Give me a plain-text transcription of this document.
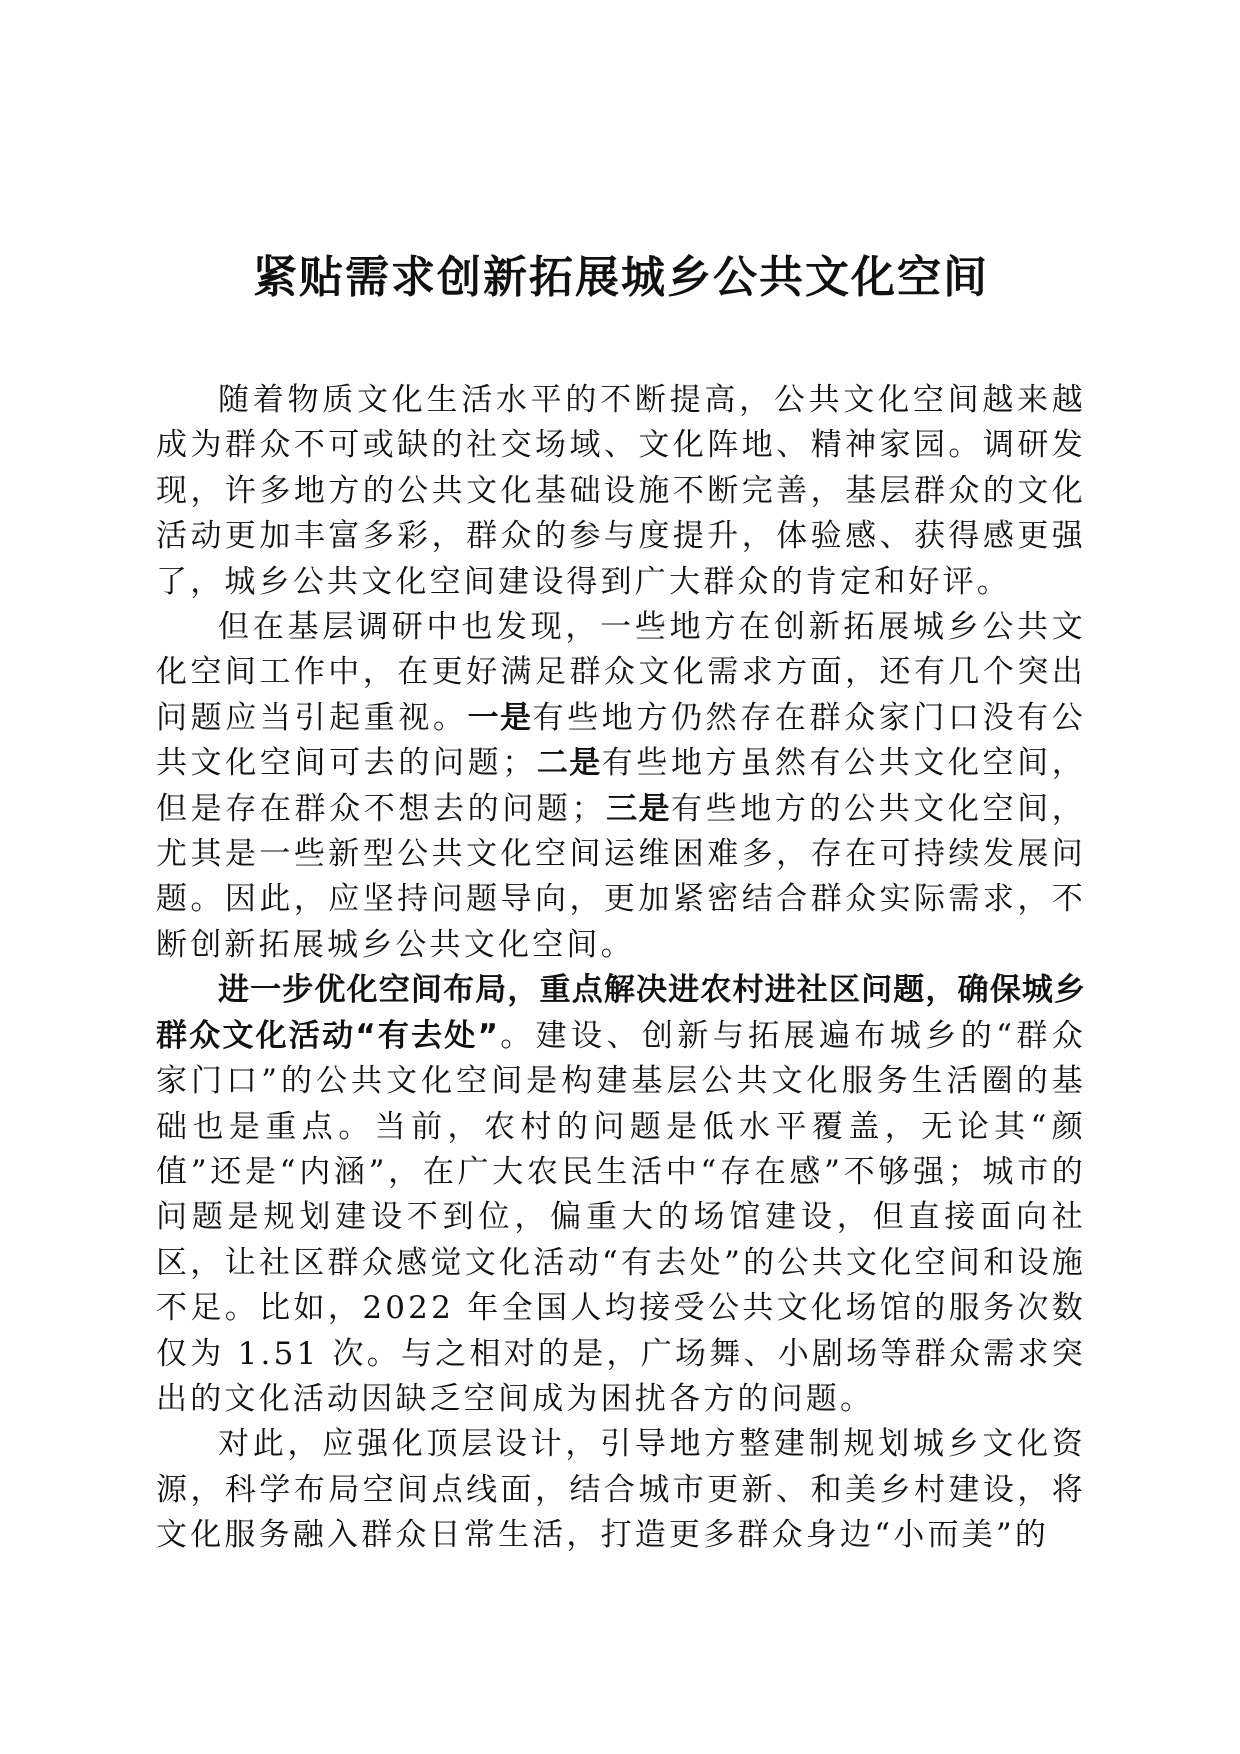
紧贴需求创新拓展城乡公共文化空间

随着物质文化生活水平的不断提高，公共文化空间越来越成为群众不可或缺的社交场域、文化阵地、精神家园。调研发现，许多地方的公共文化基础设施不断完善，基层群众的文化活动更加丰富多彩，群众的参与度提升，体验感、获得感更强了，城乡公共文化空间建设得到广大群众的肯定和好评。

但在基层调研中也发现，一些地方在创新拓展城乡公共文化空间工作中，在更好满足群众文化需求方面，还有几个突出问题应当引起重视。一是有些地方仍然存在群众家门口没有公共文化空间可去的问题；二是有些地方虽然有公共文化空间，但是存在群众不想去的问题；三是有些地方的公共文化空间，尤其是一些新型公共文化空间运维困难多，存在可持续发展问题。因此，应坚持问题导向，更加紧密结合群众实际需求，不断创新拓展城乡公共文化空间。

进一步优化空间布局，重点解决进农村进社区问题，确保城乡群众文化活动“有去处”。建设、创新与拓展遍布城乡的“群众家门口”的公共文化空间是构建基层公共文化服务生活圈的基础也是重点。当前，农村的问题是低水平覆盖，无论其“颜值”还是“内涵”，在广大农民生活中“存在感”不够强；城市的问题是规划建设不到位，偏重大的场馆建设，但直接面向社区，让社区群众感觉文化活动“有去处”的公共文化空间和设施不足。比如，2022 年全国人均接受公共文化场馆的服务次数仅为 1.51 次。与之相对的是，广场舞、小剧场等群众需求突出的文化活动因缺乏空间成为困扰各方的问题。

对此，应强化顶层设计，引导地方整建制规划城乡文化资源，科学布局空间点线面，结合城市更新、和美乡村建设，将文化服务融入群众日常生活，打造更多群众身边“小而美”的
